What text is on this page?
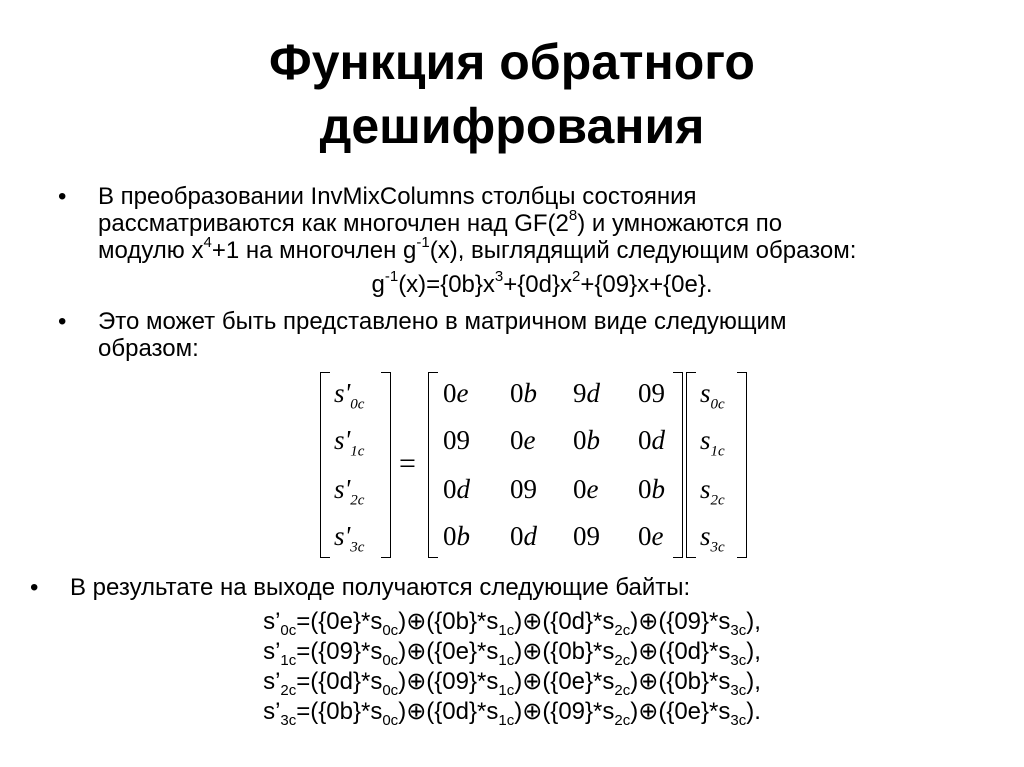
Функция обратного
дешифрования
• В преобразовании InvMixColumns столбцы состояния
рассматриваются как многочлен над $GF(2^8)$ и умножаются по
модулю $x^4+1$ на многочлен $g^{-1}(x)$, выглядящий следующим образом:
$g^{-1}(x)=\{0b\}x^3+\{0d\}x^2+\{09\}x+\{0e\}$.
• Это может быть представлено в матричном виде следующим
образом:
$s'_{0c}$
$s'_{1c}$
$s'_{2c}$
$s'_{3c}$
0e 0b 9d 09
09 0e 0b 0d
0d 09 0e 0b
0b 0d 09 0e
$s_{0c}$
$s_{1c}$
$s_{2c}$
$s_{3c}$
=
• В результате на выходе получаются следующие байты:
$s’_{0c}=(\{0e\}*s_{0c})\oplus(\{0b\}*s_{1c})\oplus(\{0d\}*s_{2c})\oplus(\{09\}*s_{3c})$,
$s’_{1c}=(\{09\}*s_{0c})\oplus(\{0e\}*s_{1c})\oplus(\{0b\}*s_{2c})\oplus(\{0d\}*s_{3c})$,
$s’_{2c}=(\{0d\}*s_{0c})\oplus(\{09\}*s_{1c})\oplus(\{0e\}*s_{2c})\oplus(\{0b\}*s_{3c})$,
$s’_{3c}=(\{0b\}*s_{0c})\oplus(\{0d\}*s_{1c})\oplus(\{09\}*s_{2c})\oplus(\{0e\}*s_{3c})$.
